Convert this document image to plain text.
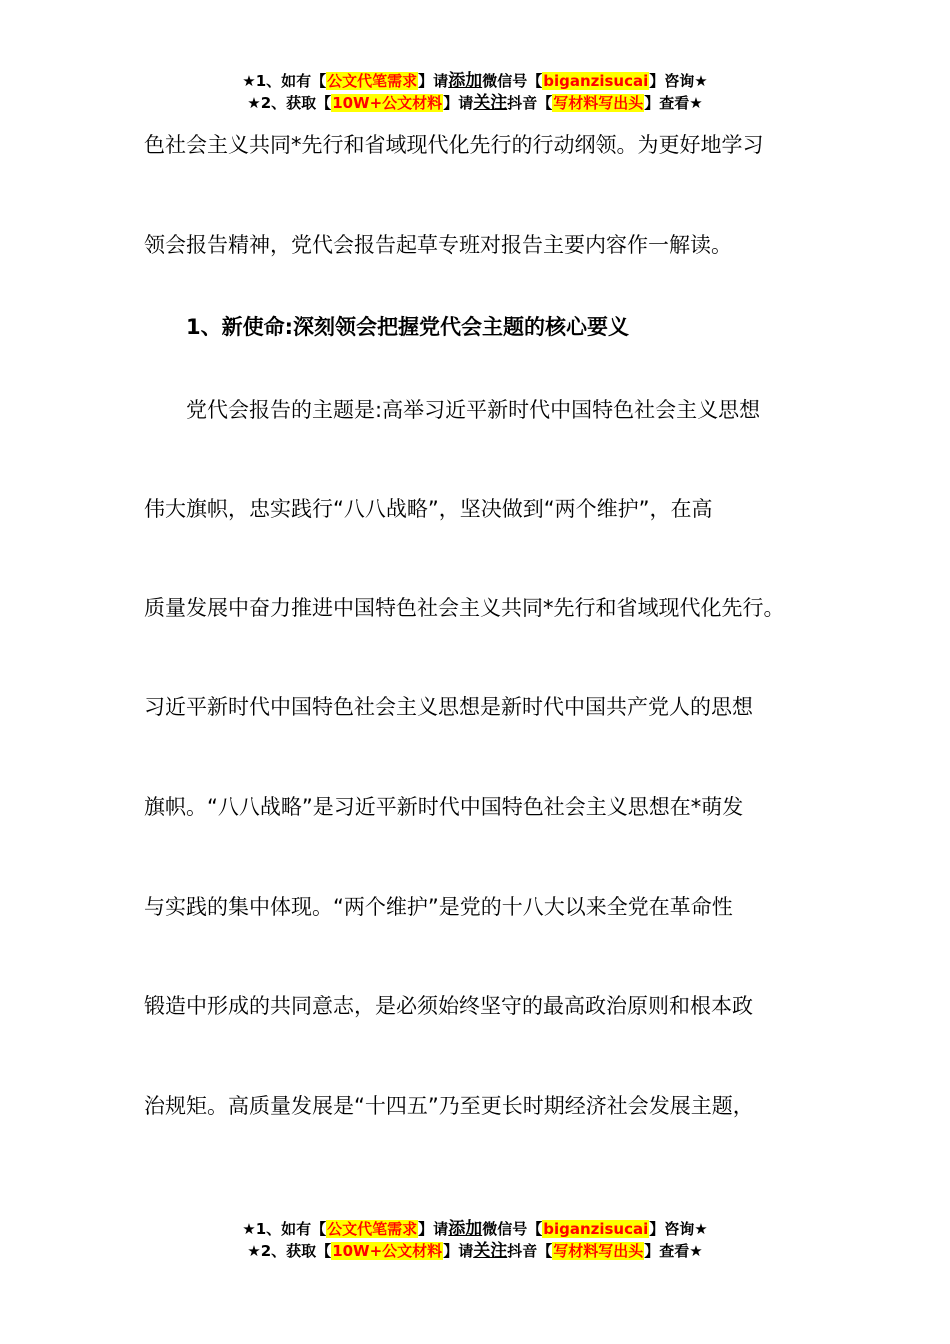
★1、如有【公文代笔需求】请添加微信号【biganzisucai】咨询★
★2、获取【10W+公文材料】请关注抖音【写材料写出头】查看★
色社会主义共同*先行和省域现代化先行的行动纲领。为更好地学习
领会报告精神，党代会报告起草专班对报告主要内容作一解读。
1、新使命:深刻领会把握党代会主题的核心要义
党代会报告的主题是:高举习近平新时代中国特色社会主义思想
伟大旗帜，忠实践行“八八战略”，坚决做到“两个维护”，在高
质量发展中奋力推进中国特色社会主义共同*先行和省域现代化先行。
习近平新时代中国特色社会主义思想是新时代中国共产党人的思想
旗帜。“八八战略”是习近平新时代中国特色社会主义思想在*萌发
与实践的集中体现。“两个维护”是党的十八大以来全党在革命性
锻造中形成的共同意志，是必须始终坚守的最高政治原则和根本政
治规矩。高质量发展是“十四五”乃至更长时期经济社会发展主题，
★1、如有【公文代笔需求】请添加微信号【biganzisucai】咨询★
★2、获取【10W+公文材料】请关注抖音【写材料写出头】查看★
